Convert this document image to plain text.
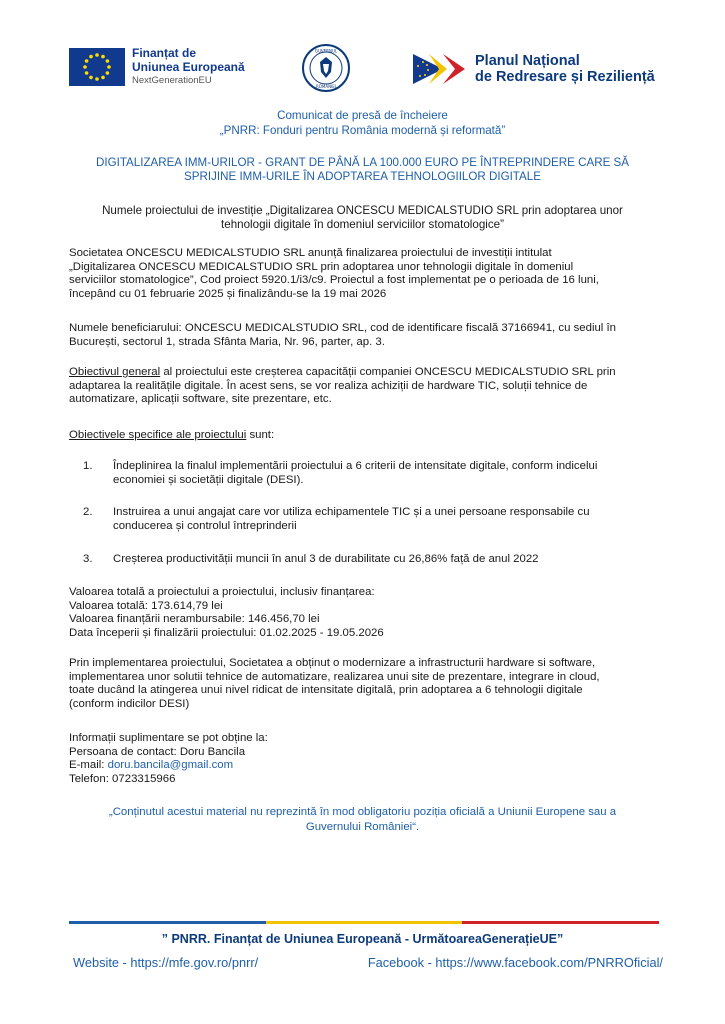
Finanțat de
Uniunea Europeană
NextGenerationEU
GUVERNUL
ROMÂNIEI
Planul Național
de Redresare și Reziliență
Comunicat de presă de încheiere
„PNRR: Fonduri pentru România modernă și reformată”
DIGITALIZAREA IMM-URILOR - GRANT DE PÂNĂ LA 100.000 EURO PE ÎNTREPRINDERE CARE SĂ
SPRIJINE IMM-URILE ÎN ADOPTAREA TEHNOLOGIILOR DIGITALE
Numele proiectului de investiție „Digitalizarea ONCESCU MEDICALSTUDIO SRL prin adoptarea unor
tehnologii digitale în domeniul serviciilor stomatologice”
Societatea ONCESCU MEDICALSTUDIO SRL anunță finalizarea proiectului de investiții intitulat
„Digitalizarea ONCESCU MEDICALSTUDIO SRL prin adoptarea unor tehnologii digitale în domeniul
serviciilor stomatologice”, Cod proiect 5920.1/i3/c9. Proiectul a fost implementat pe o perioada de 16 luni,
începând cu 01 februarie 2025 și finalizându-se la 19 mai 2026
Numele beneficiarului: ONCESCU MEDICALSTUDIO SRL, cod de identificare fiscală 37166941, cu sediul în
București, sectorul 1, strada Sfânta Maria, Nr. 96, parter, ap. 3.
Obiectivul general al proiectului este creșterea capacității companiei ONCESCU MEDICALSTUDIO SRL prin
adaptarea la realitățile digitale. În acest sens, se vor realiza achiziții de hardware TIC, soluții tehnice de
automatizare, aplicații software, site prezentare, etc.
Obiectivele specifice ale proiectului sunt:
1.	Îndeplinirea la finalul implementării proiectului a 6 criterii de intensitate digitale, conform indicelui
economiei și societății digitale (DESI).
2.	Instruirea a unui angajat care vor utiliza echipamentele TIC și a unei persoane responsabile cu
conducerea și controlul întreprinderii
3.	Creșterea productivității muncii în anul 3 de durabilitate cu 26,86% față de anul 2022
Valoarea totală a proiectului a proiectului, inclusiv finanțarea:
Valoarea totală: 173.614,79 lei
Valoarea finanțării nerambursabile: 146.456,70 lei
Data începerii și finalizării proiectului: 01.02.2025 - 19.05.2026
Prin implementarea proiectului, Societatea a obținut o modernizare a infrastructurii hardware si software,
implementarea unor solutii tehnice de automatizare, realizarea unui site de prezentare, integrare in cloud,
toate ducând la atingerea unui nivel ridicat de intensitate digitală, prin adoptarea a 6 tehnologii digitale
(conform indicilor DESI)
Informații suplimentare se pot obține la:
Persoana de contact: Doru Bancila
E-mail: doru.bancila@gmail.com
Telefon: 0723315966
„Conținutul acestui material nu reprezintă în mod obligatoriu poziția oficială a Uniunii Europene sau a
Guvernului României“.
” PNRR. Finanțat de Uniunea Europeană - UrmătoareaGenerațieUE”
Website - https://mfe.gov.ro/pnrr/	Facebook - https://www.facebook.com/PNRROficial/
